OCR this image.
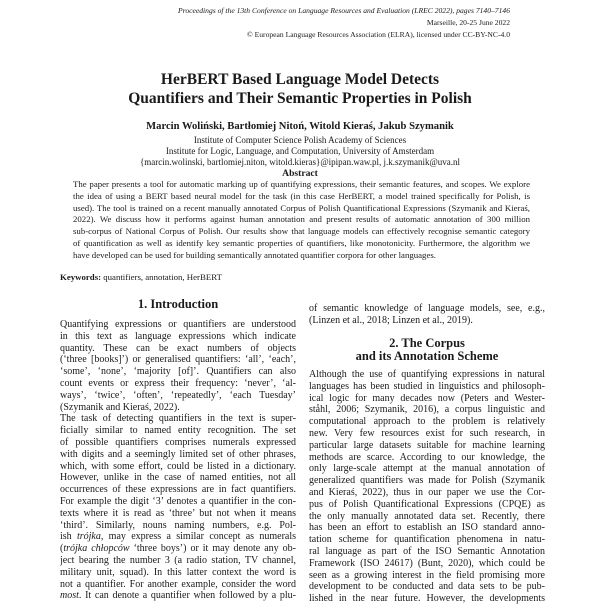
Proceedings of the 13th Conference on Language Resources and Evaluation (LREC 2022), pages 7140–7146
Marseille, 20-25 June 2022
© European Language Resources Association (ELRA), licensed under CC-BY-NC-4.0
HerBERT Based Language Model Detects
Quantifiers and Their Semantic Properties in Polish
Marcin Woliński, Bartłomiej Nitoń, Witold Kieraś, Jakub Szymanik
Institute of Computer Science Polish Academy of Sciences
Institute for Logic, Language, and Computation, University of Amsterdam
{marcin.wolinski, bartlomiej.niton, witold.kieras}@ipipan.waw.pl, j.k.szymanik@uva.nl
Abstract
The paper presents a tool for automatic marking up of quantifying expressions, their semantic features, and scopes. We explore
the idea of using a BERT based neural model for the task (in this case HerBERT, a model trained specifically for Polish, is
used). The tool is trained on a recent manually annotated Corpus of Polish Quantificational Expressions (Szymanik and Kieraś,
2022). We discuss how it performs against human annotation and present results of automatic annotation of 300 million
sub-corpus of National Corpus of Polish. Our results show that language models can effectively recognise semantic category
of quantification as well as identify key semantic properties of quantifiers, like monotonicity. Furthermore, the algorithm we
have developed can be used for building semantically annotated quantifier corpora for other languages.
Keywords: quantifiers, annotation, HerBERT
1. Introduction
Quantifying expressions or quantifiers are understood
in this text as language expressions which indicate
quantity. These can be exact numbers of objects
(‘three [books]’) or generalised quantifiers: ‘all’, ‘each’,
‘some’, ‘none’, ‘majority [of]’. Quantifiers can also
count events or express their frequency: ‘never’, ‘al-
ways’, ‘twice’, ‘often’, ‘repeatedly’, ‘each Tuesday’
(Szymanik and Kieraś, 2022).
The task of detecting quantifiers in the text is super-
ficially similar to named entity recognition. The set
of possible quantifiers comprises numerals expressed
with digits and a seemingly limited set of other phrases,
which, with some effort, could be listed in a dictionary.
However, unlike in the case of named entities, not all
occurrences of these expressions are in fact quantifiers.
For example the digit ‘3’ denotes a quantifier in the con-
texts where it is read as ‘three’ but not when it means
‘third’. Similarly, nouns naming numbers, e.g. Pol-
ish trójka, may express a similar concept as numerals
(trójka chłopców ‘three boys’) or it may denote any ob-
ject bearing the number 3 (a radio station, TV channel,
military unit, squad). In this latter context the word is
not a quantifier. For another example, consider the word
most. It can denote a quantifier when followed by a plu-
of semantic knowledge of language models, see, e.g.,
(Linzen et al., 2018; Linzen et al., 2019).
2. The Corpus
and its Annotation Scheme
Although the use of quantifying expressions in natural
languages has been studied in linguistics and philosoph-
ical logic for many decades now (Peters and Wester-
ståhl, 2006; Szymanik, 2016), a corpus linguistic and
computational approach to the problem is relatively
new. Very few resources exist for such research, in
particular large datasets suitable for machine learning
methods are scarce. According to our knowledge, the
only large-scale attempt at the manual annotation of
generalized quantifiers was made for Polish (Szymanik
and Kieraś, 2022), thus in our paper we use the Cor-
pus of Polish Quantificational Expressions (CPQE) as
the only manually annotated data set. Recently, there
has been an effort to establish an ISO standard anno-
tation scheme for quantification phenomena in natu-
ral language as part of the ISO Semantic Annotation
Framework (ISO 24617) (Bunt, 2020), which could be
seen as a growing interest in the field promising more
development to be conducted and data sets to be pub-
lished in the near future. However, the developments
